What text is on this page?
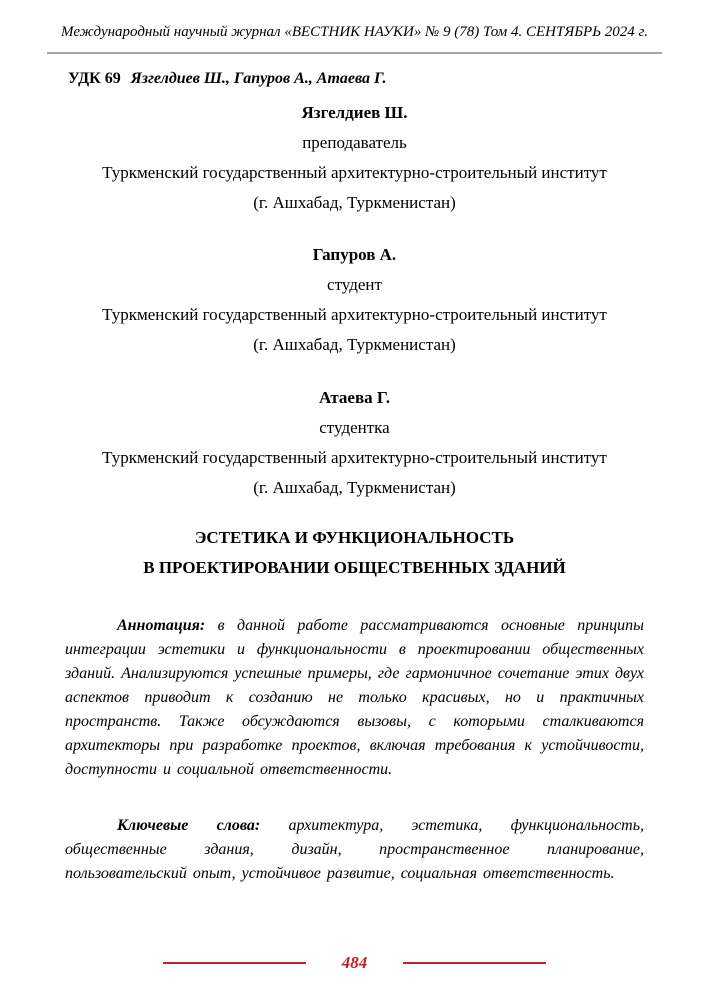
Международный научный журнал «ВЕСТНИК НАУКИ» № 9 (78) Том 4. СЕНТЯБРЬ 2024 г.
УДК 69 Язгелдиев Ш., Гапуров А., Атаева Г.
Язгелдиев Ш.
преподаватель
Туркменский государственный архитектурно-строительный институт
(г. Ашхабад, Туркменистан)
Гапуров А.
студент
Туркменский государственный архитектурно-строительный институт
(г. Ашхабад, Туркменистан)
Атаева Г.
студентка
Туркменский государственный архитектурно-строительный институт
(г. Ашхабад, Туркменистан)
ЭСТЕТИКА И ФУНКЦИОНАЛЬНОСТЬ
В ПРОЕКТИРОВАНИИ ОБЩЕСТВЕННЫХ ЗДАНИЙ

Аннотация: в данной работе рассматриваются основные принципы интеграции эстетики и функциональности в проектировании общественных зданий. Анализируются успешные примеры, где гармоничное сочетание этих двух аспектов приводит к созданию не только красивых, но и практичных пространств. Также обсуждаются вызовы, с которыми сталкиваются архитекторы при разработке проектов, включая требования к устойчивости, доступности и социальной ответственности.

Ключевые слова: архитектура, эстетика, функциональность, общественные здания, дизайн, пространственное планирование, пользовательский опыт, устойчивое развитие, социальная ответственность.

484
